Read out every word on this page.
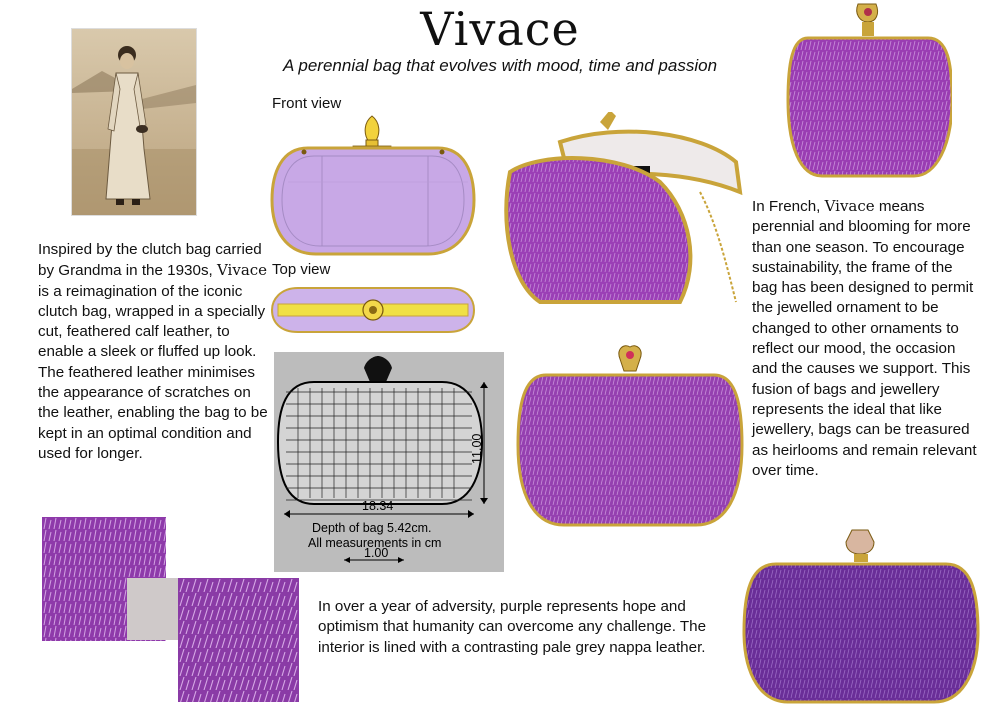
Vivace
A perennial bag that evolves with mood, time and passion
Inspired by the clutch bag carried by Grandma in the 1930s, Vivace is a reimagination of the iconic clutch bag, wrapped in a specially cut, feathered calf leather, to enable a sleek or fluffed up look. The feathered leather minimises the appearance of scratches on the leather, enabling the bag to be kept in an optimal condition and used for longer.
Front view
Top view
11.00
18.34
Depth of bag 5.42cm.
All measurements in cm
1.00
In French, Vivace means perennial and blooming for more than one season. To encourage sustainability, the frame of the bag has been designed to permit the jewelled ornament to be changed to other ornaments to reflect our mood, the occasion and the causes we support. This fusion of bags and jewellery represents the ideal that like jewellery, bags can be treasured as heirlooms and remain relevant over time.
In over a year of adversity, purple represents hope and optimism that humanity can overcome any challenge. The interior is lined with a contrasting pale grey nappa leather.
